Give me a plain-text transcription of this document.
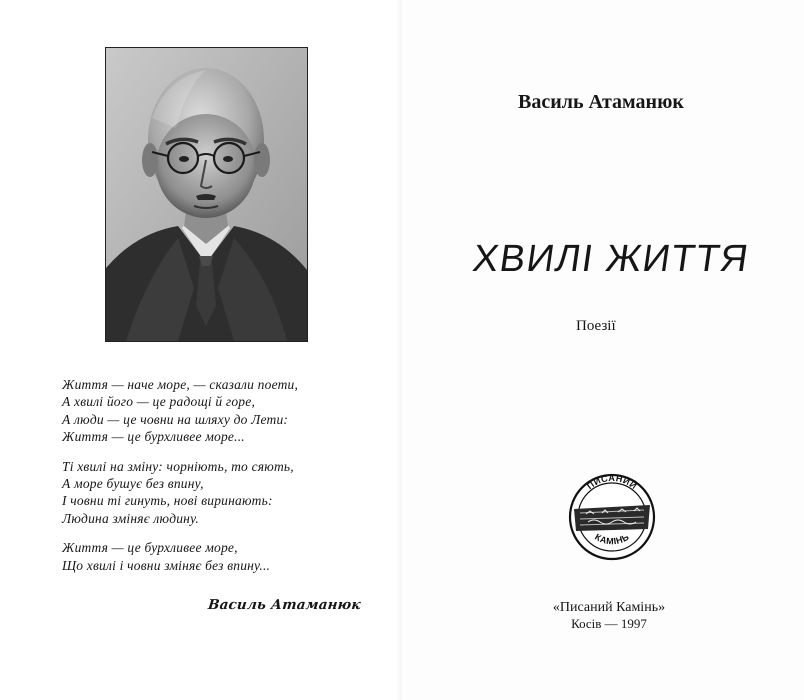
Життя — наче море, — сказали поети,
А хвилі його — це радощі й горе,
А люди — це човни на шляху до Лети:
Життя — це бурхливее море...
Ті хвилі на зміну: чорніють, то сяють,
А море бушує без впину,
І човни ті гинуть, нові виринають:
Людина зміняє людину.
Життя — це бурхливее море,
Що хвилі і човни зміняє без впину...
Василь Атаманюк
Василь Атаманюк
ХВИЛІ ЖИТТЯ
Поезії
ПИСАНИЙ
КАМІНЬ
«Писаний Камінь»
Косів — 1997
